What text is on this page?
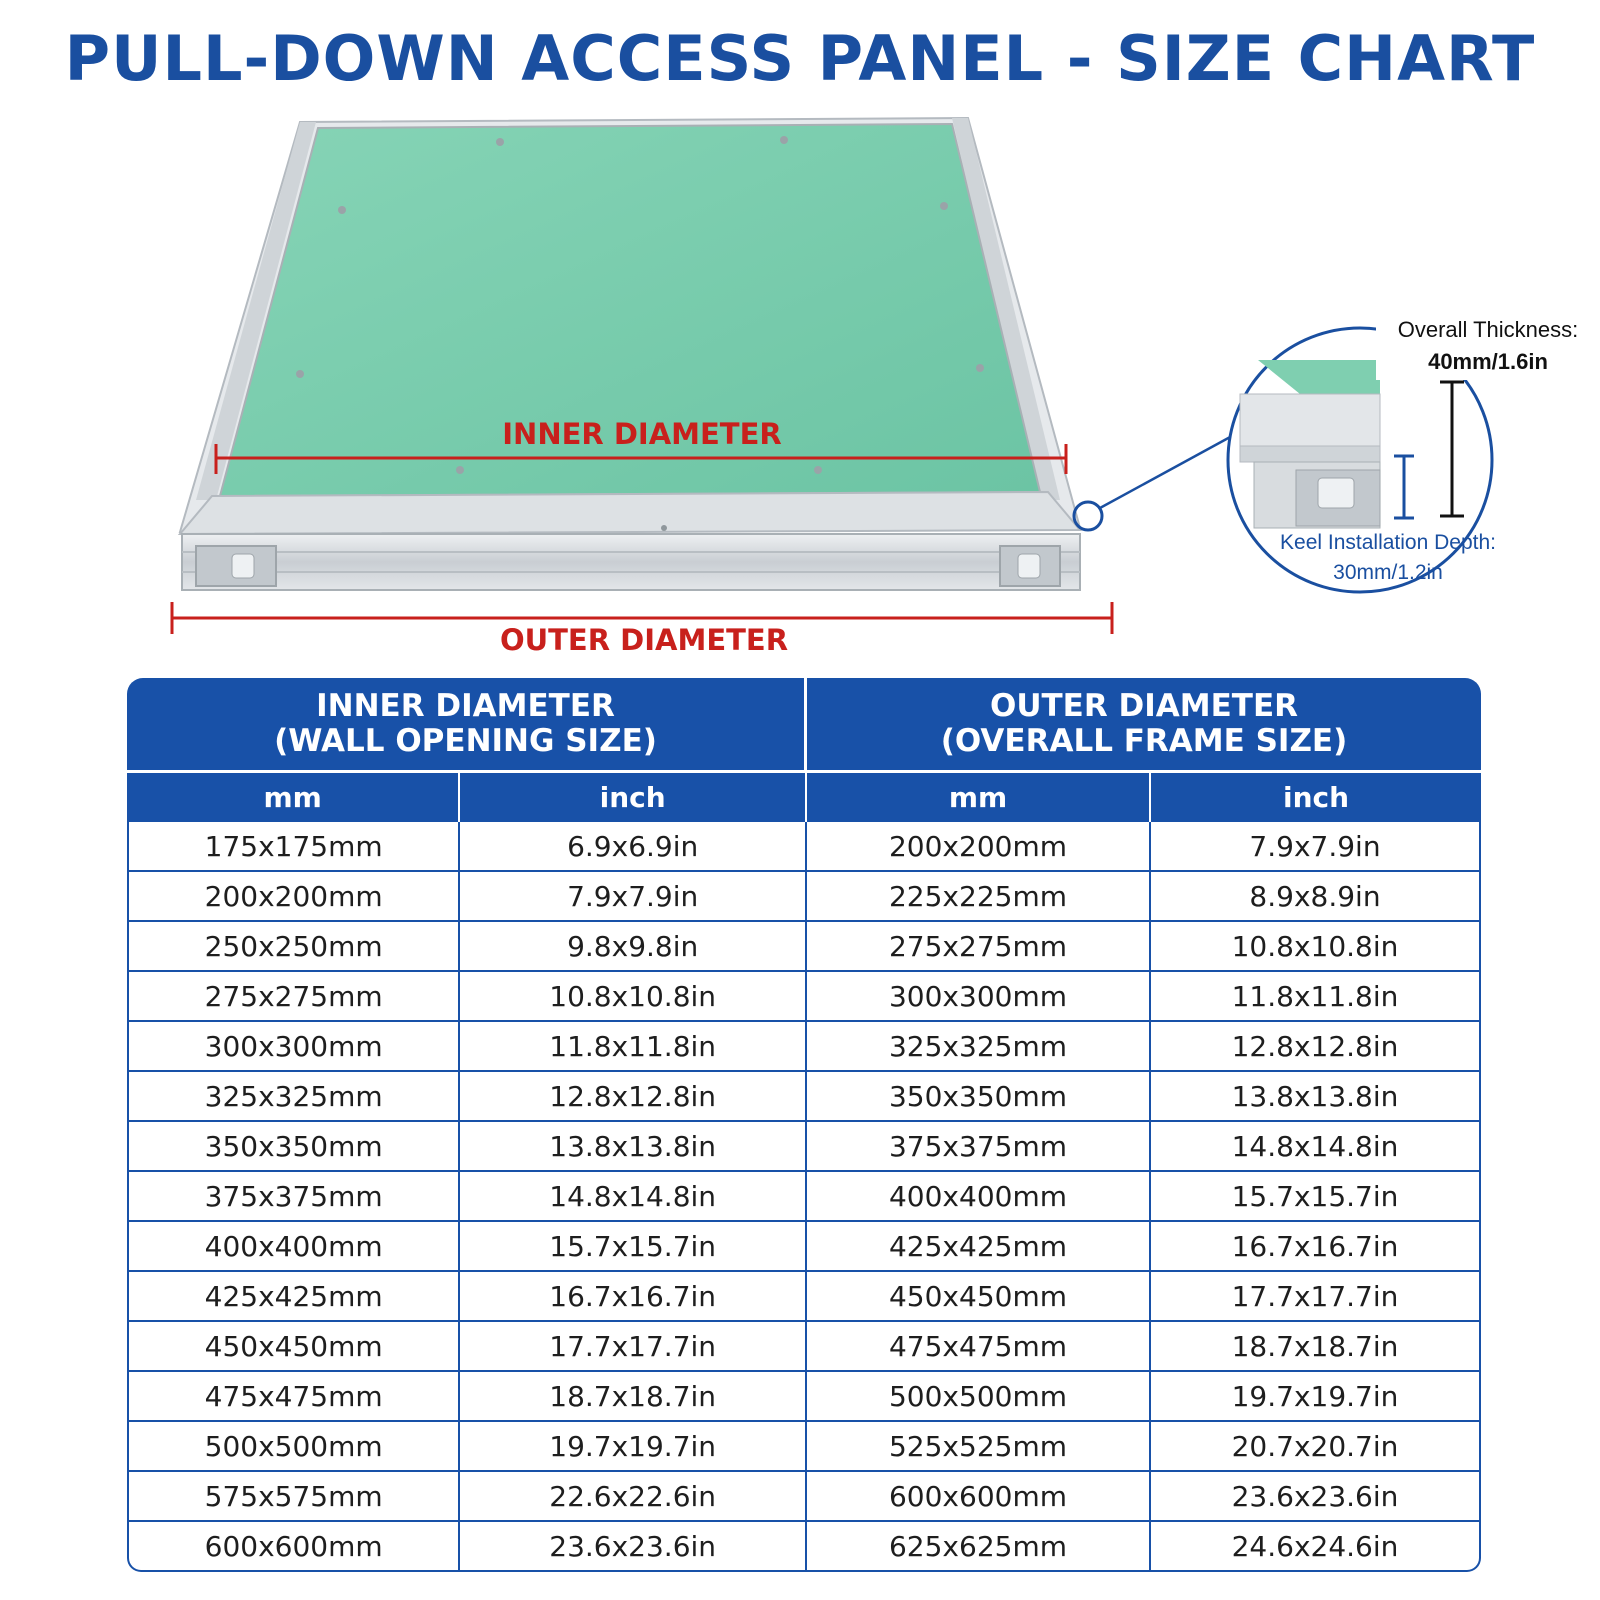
PULL-DOWN ACCESS PANEL - SIZE CHART
INNER DIAMETER
OUTER DIAMETER
Overall Thickness:
40mm/1.6in
Keel Installation Depth:
30mm/1.2in
INNER DIAMETER
(WALL OPENING SIZE)		OUTER DIAMETER
(OVERALL FRAME SIZE)	

mm	inch	mm	inch
175x175mm	6.9x6.9in	200x200mm	7.9x7.9in
200x200mm	7.9x7.9in	225x225mm	8.9x8.9in
250x250mm	9.8x9.8in	275x275mm	10.8x10.8in
275x275mm	10.8x10.8in	300x300mm	11.8x11.8in
300x300mm	11.8x11.8in	325x325mm	12.8x12.8in
325x325mm	12.8x12.8in	350x350mm	13.8x13.8in
350x350mm	13.8x13.8in	375x375mm	14.8x14.8in
375x375mm	14.8x14.8in	400x400mm	15.7x15.7in
400x400mm	15.7x15.7in	425x425mm	16.7x16.7in
425x425mm	16.7x16.7in	450x450mm	17.7x17.7in
450x450mm	17.7x17.7in	475x475mm	18.7x18.7in
475x475mm	18.7x18.7in	500x500mm	19.7x19.7in
500x500mm	19.7x19.7in	525x525mm	20.7x20.7in
575x575mm	22.6x22.6in	600x600mm	23.6x23.6in
600x600mm	23.6x23.6in	625x625mm	24.6x24.6in
